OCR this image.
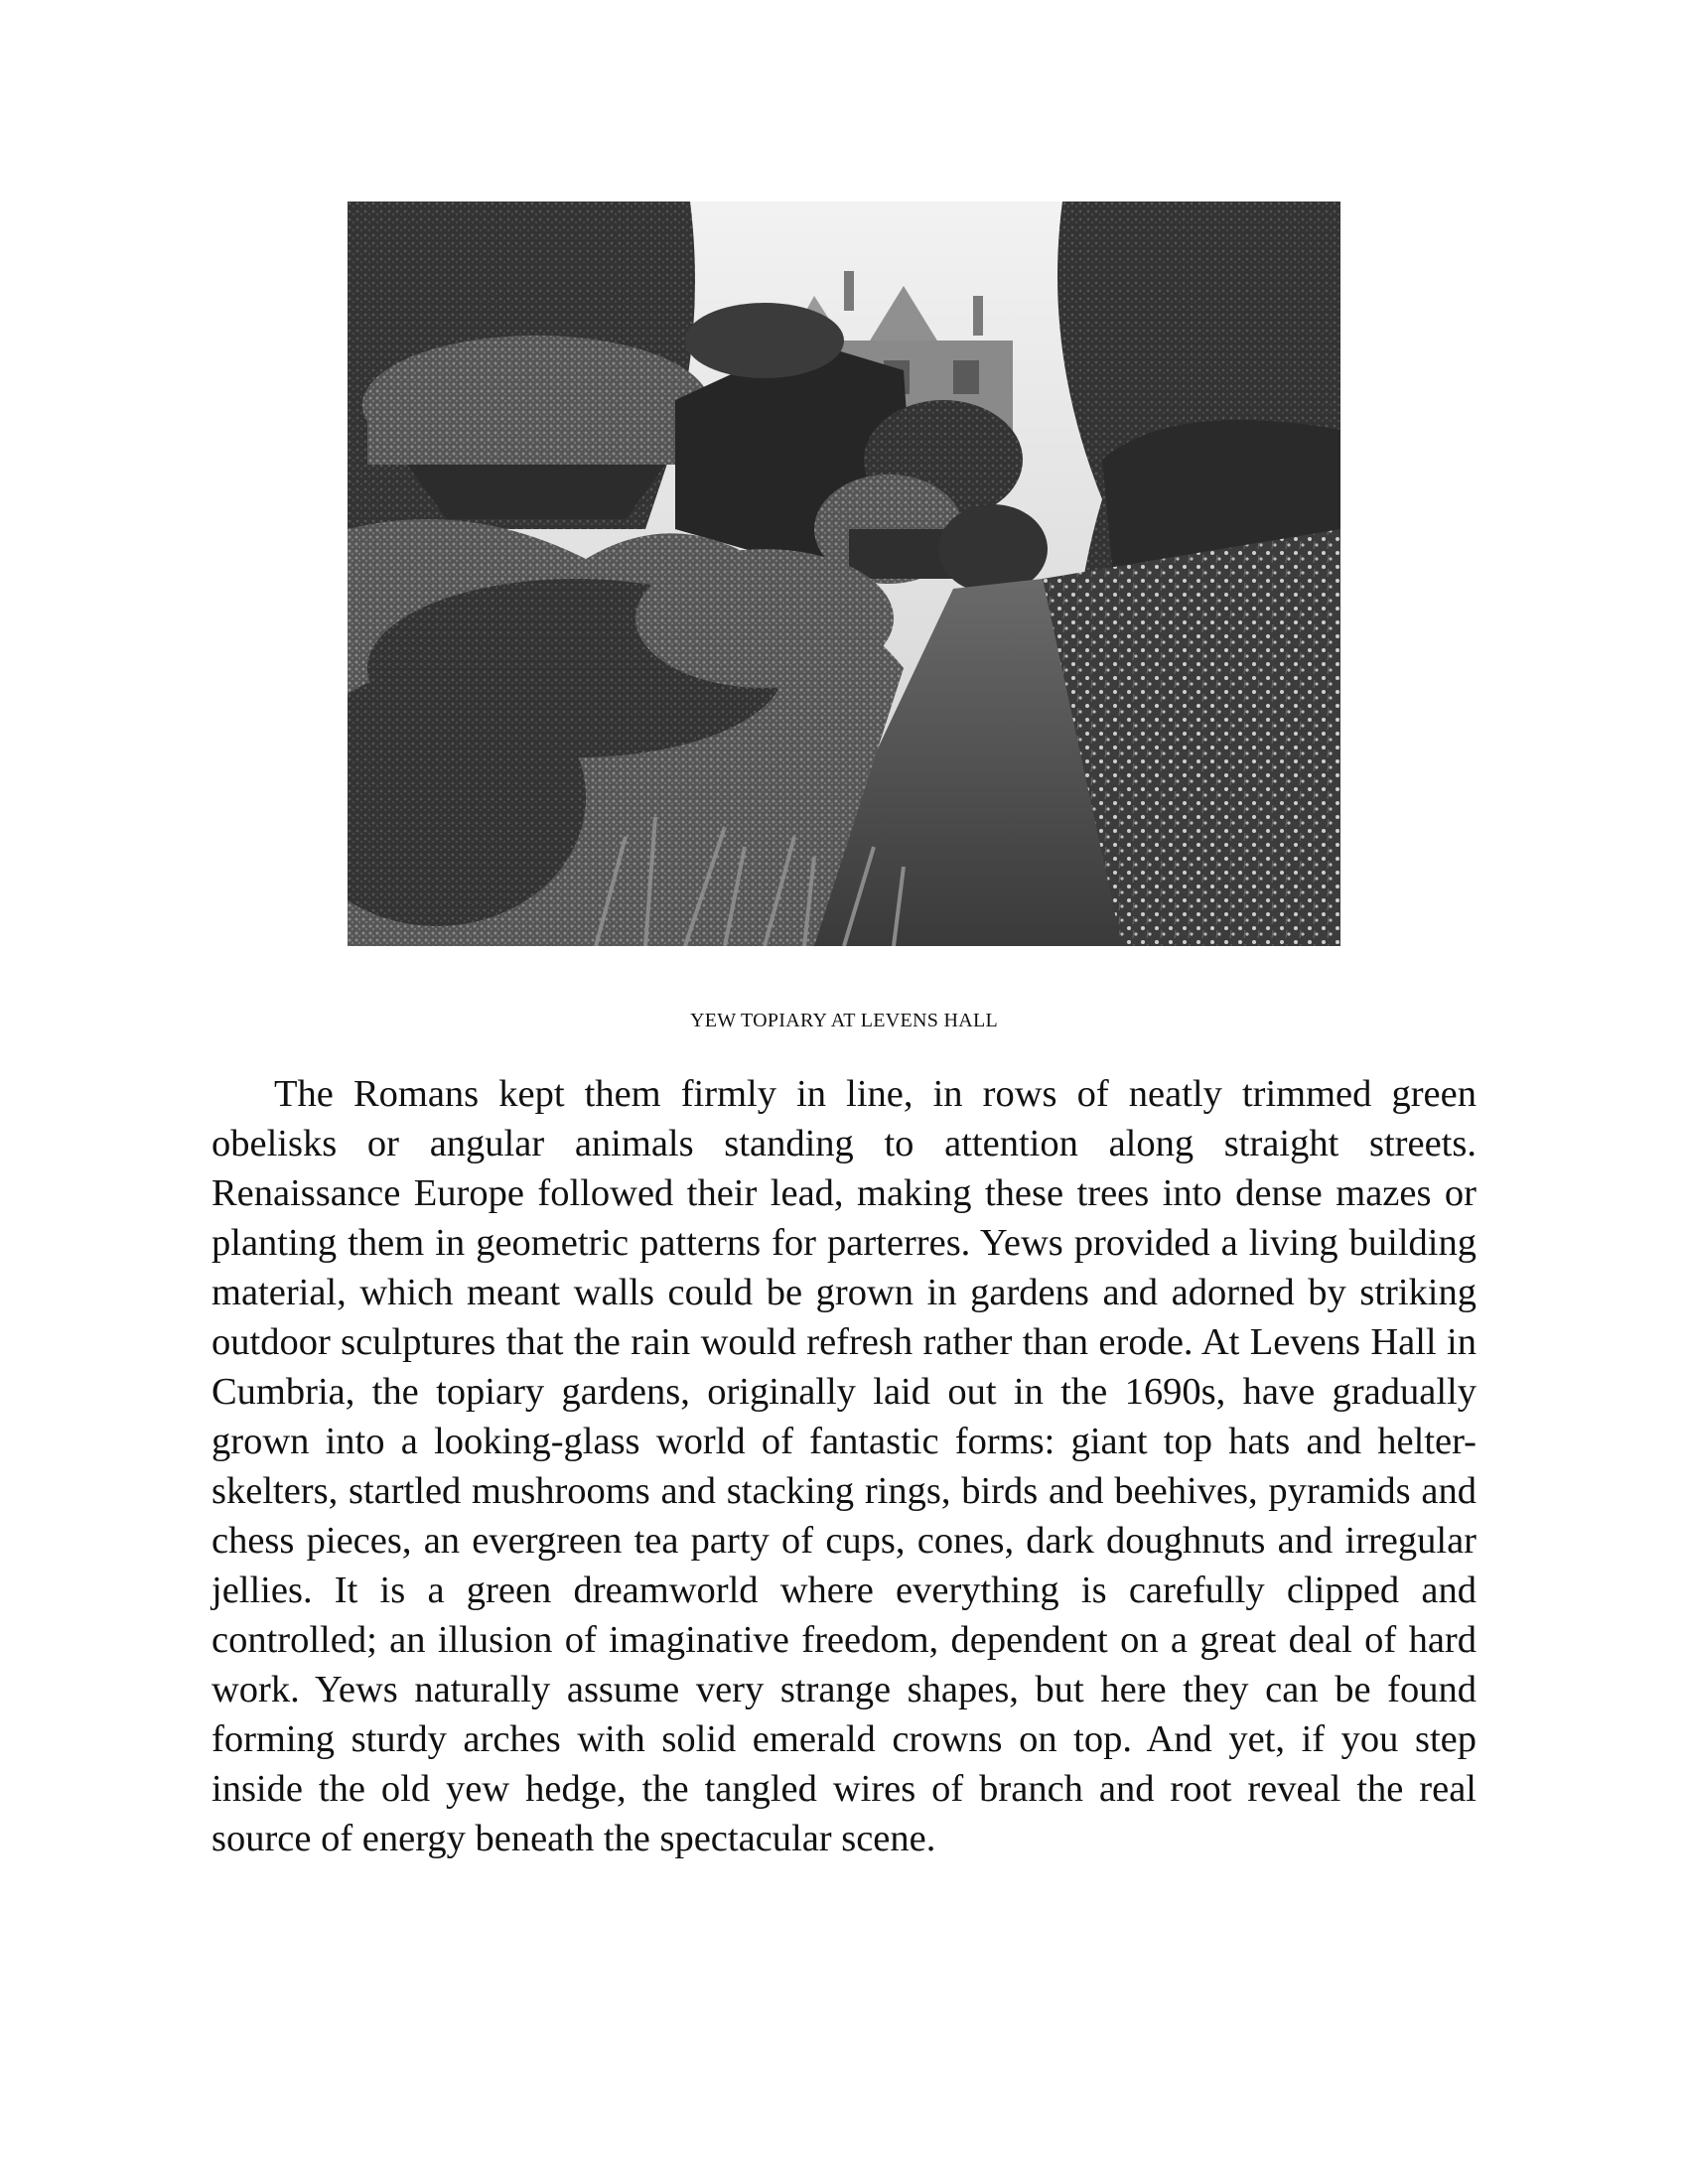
YEW TOPIARY AT LEVENS HALL

The Romans kept them firmly in line, in rows of neatly trimmed green obelisks or angular animals standing to attention along straight streets. Renaissance Europe followed their lead, making these trees into dense mazes or planting them in geometric patterns for parterres. Yews provided a living building material, which meant walls could be grown in gardens and adorned by striking outdoor sculptures that the rain would refresh rather than erode. At Levens Hall in Cumbria, the topiary gardens, originally laid out in the 1690s, have gradually grown into a looking-glass world of fantastic forms: giant top hats and helter-skelters, startled mushrooms and stacking rings, birds and beehives, pyramids and chess pieces, an evergreen tea party of cups, cones, dark doughnuts and irregular jellies. It is a green dreamworld where everything is carefully clipped and controlled; an illusion of imaginative freedom, dependent on a great deal of hard work. Yews naturally assume very strange shapes, but here they can be found forming sturdy arches with solid emerald crowns on top. And yet, if you step inside the old yew hedge, the tangled wires of branch and root reveal the real source of energy beneath the spectacular scene.
